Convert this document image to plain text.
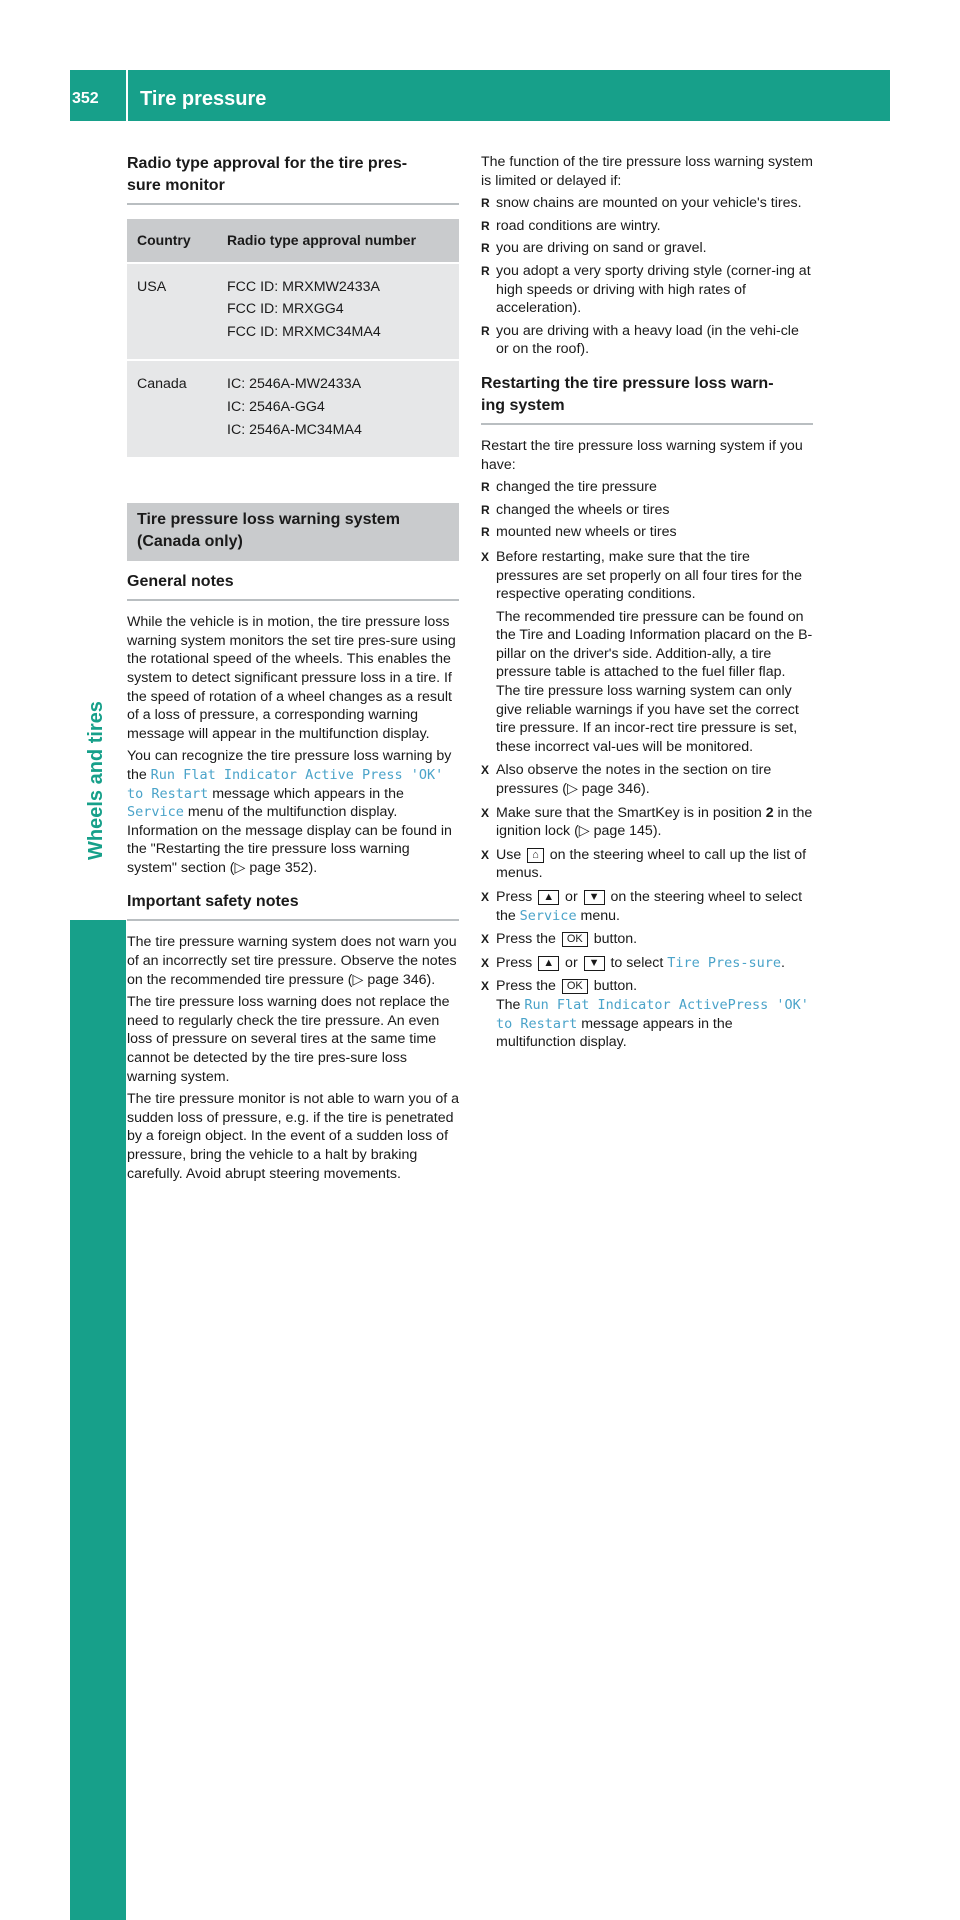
352	Tire pressure
Wheels and tires
Radio type approval for the tire pres-
sure monitor
Country	Radio type approval number
USA	FCC ID: MRXMW2433A
FCC ID: MRXGG4
FCC ID: MRXMC34MA4

Canada	IC: 2546A-MW2433A
IC: 2546A-GG4
IC: 2546A-MC34MA4
Tire pressure loss warning system
(Canada only)
General notes

While the vehicle is in motion, the tire pressure loss warning system monitors the set tire pres-sure using the rotational speed of the wheels. This enables the system to detect significant pressure loss in a tire. If the speed of rotation of a wheel changes as a result of a loss of pressure, a corresponding warning message will appear in the multifunction display.

You can recognize the tire pressure loss warning by the Run Flat Indicator Active Press 'OK' to Restart message which appears in the Service menu of the multifunction display. Information on the message display can be found in the "Restarting the tire pressure loss warning system" section (▷ page 352).

Important safety notes

The tire pressure warning system does not warn you of an incorrectly set tire pressure. Observe the notes on the recommended tire pressure (▷ page 346).

The tire pressure loss warning does not replace the need to regularly check the tire pressure. An even loss of pressure on several tires at the same time cannot be detected by the tire pres-sure loss warning system.

The tire pressure monitor is not able to warn you of a sudden loss of pressure, e.g. if the tire is penetrated by a foreign object. In the event of a sudden loss of pressure, bring the vehicle to a halt by braking carefully. Avoid abrupt steering movements.

The function of the tire pressure loss warning system is limited or delayed if:

R snow chains are mounted on your vehicle's tires.
R road conditions are wintry.
R you are driving on sand or gravel.
R you adopt a very sporty driving style (corner-ing at high speeds or driving with high rates of acceleration).
R you are driving with a heavy load (in the vehi-cle or on the roof).
Restarting the tire pressure loss warn-
ing system

Restart the tire pressure loss warning system if you have:

R changed the tire pressure
R changed the wheels or tires
R mounted new wheels or tires
X Before restarting, make sure that the tire pressures are set properly on all four tires for the respective operating conditions.
The recommended tire pressure can be found on the Tire and Loading Information placard on the B-pillar on the driver's side. Addition-ally, a tire pressure table is attached to the fuel filler flap. The tire pressure loss warning system can only give reliable warnings if you have set the correct tire pressure. If an incor-rect tire pressure is set, these incorrect val-ues will be monitored.
X Also observe the notes in the section on tire pressures (▷ page 346).
X Make sure that the SmartKey is in position 2 in the ignition lock (▷ page 145).
X Use ⌂ on the steering wheel to call up the list of menus.
X Press ▲ or ▼ on the steering wheel to select the Service menu.
X Press the OK button.
X Press ▲ or ▼ to select Tire Pres-sure.
X Press the OK button.
The Run Flat Indicator ActivePress 'OK' to Restart message appears in the multifunction display.
